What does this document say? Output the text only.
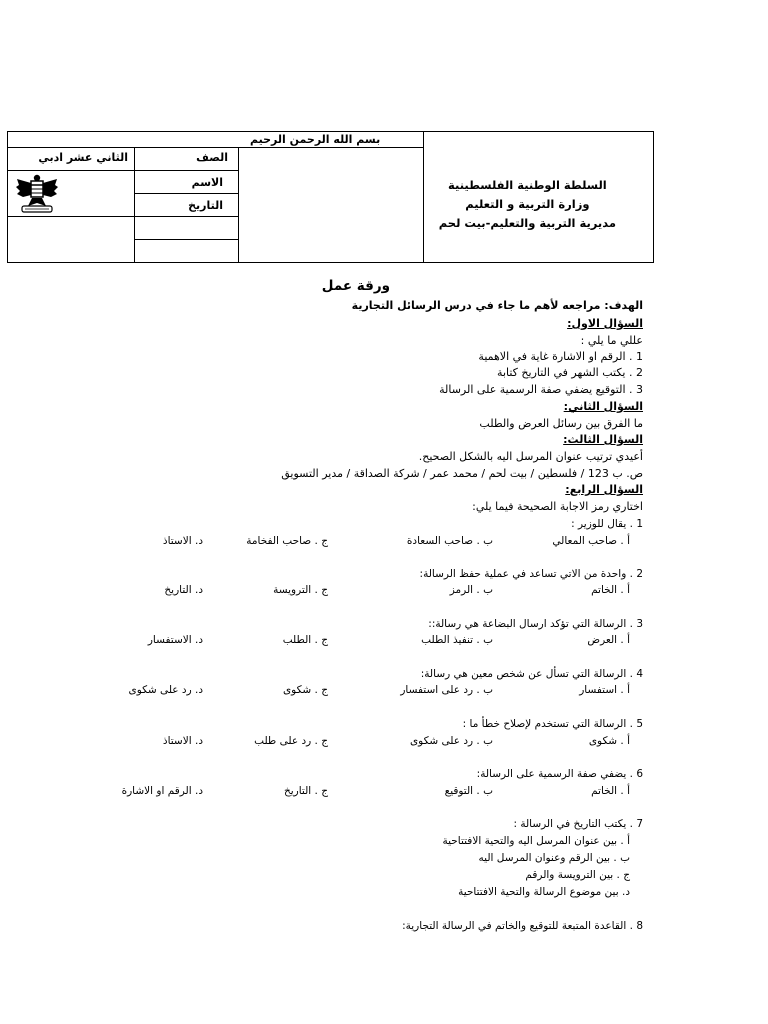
بسم الله الرحمن الرحيم
الصف
الثاني عشر ادبي
الاسم
التاريخ
السلطة الوطنية الفلسطينية
وزارة التربية و التعليم
مديرية التربية والتعليم-بيت لحم
ورقة عمل
الهدف: مراجعه لأهم ما جاء في درس الرسائل التجارية
السؤال الاول:
عللي ما يلي :
1 . الرقم او الاشارة غاية في الاهمية
2 . يكتب الشهر في التاريخ كتابة
3 . التوقيع يضفي صفة الرسمية على الرسالة
السؤال الثاني:
ما الفرق بين رسائل العرض والطلب
السؤال الثالث:
أعيدي ترتيب عنوان المرسل اليه بالشكل الصحيح.
ص. ب 123 / فلسطين / بيت لحم / محمد عمر / شركة الصداقة / مدير التسويق
السؤال الرابع:
اختاري رمز الاجابة الصحيحة فيما يلي:
1 . يقال للوزير :
أ . صاحب المعالي
ب . صاحب السعادة
ج . صاحب الفخامة
د. الاستاذ
2 . واحدة من الاتي تساعد في عملية حفظ الرسالة:
أ . الخاتم
ب . الرمز
ج . الترويسة
د. التاريخ
3 . الرسالة التي تؤكد ارسال البضاعة هي رسالة::
أ . العرض
ب . تنفيذ الطلب
ج . الطلب
د. الاستفسار
4 . الرسالة التي تسأل عن شخص معين هي رسالة:
أ . استفسار
ب . رد على استفسار
ج . شكوى
د. رد على شكوى
5 . الرسالة التي تستخدم لإصلاح خطأ ما :
أ . شكوى
ب . رد على شكوى
ج . رد على طلب
د. الاستاذ
6 . يضفي صفة الرسمية على الرسالة:
أ . الخاتم
ب . التوقيع
ج . التاريخ
د. الرقم او الاشارة
7 . يكتب التاريخ في الرسالة :
أ . بين عنوان المرسل اليه والتحية الافتتاحية
ب . بين الرقم وعنوان المرسل اليه
ج . بين الترويسة والرقم
د. بين موضوع الرسالة والتحية الافتتاحية
8 . القاعدة المتبعة للتوقيع والخاتم في الرسالة التجارية:
